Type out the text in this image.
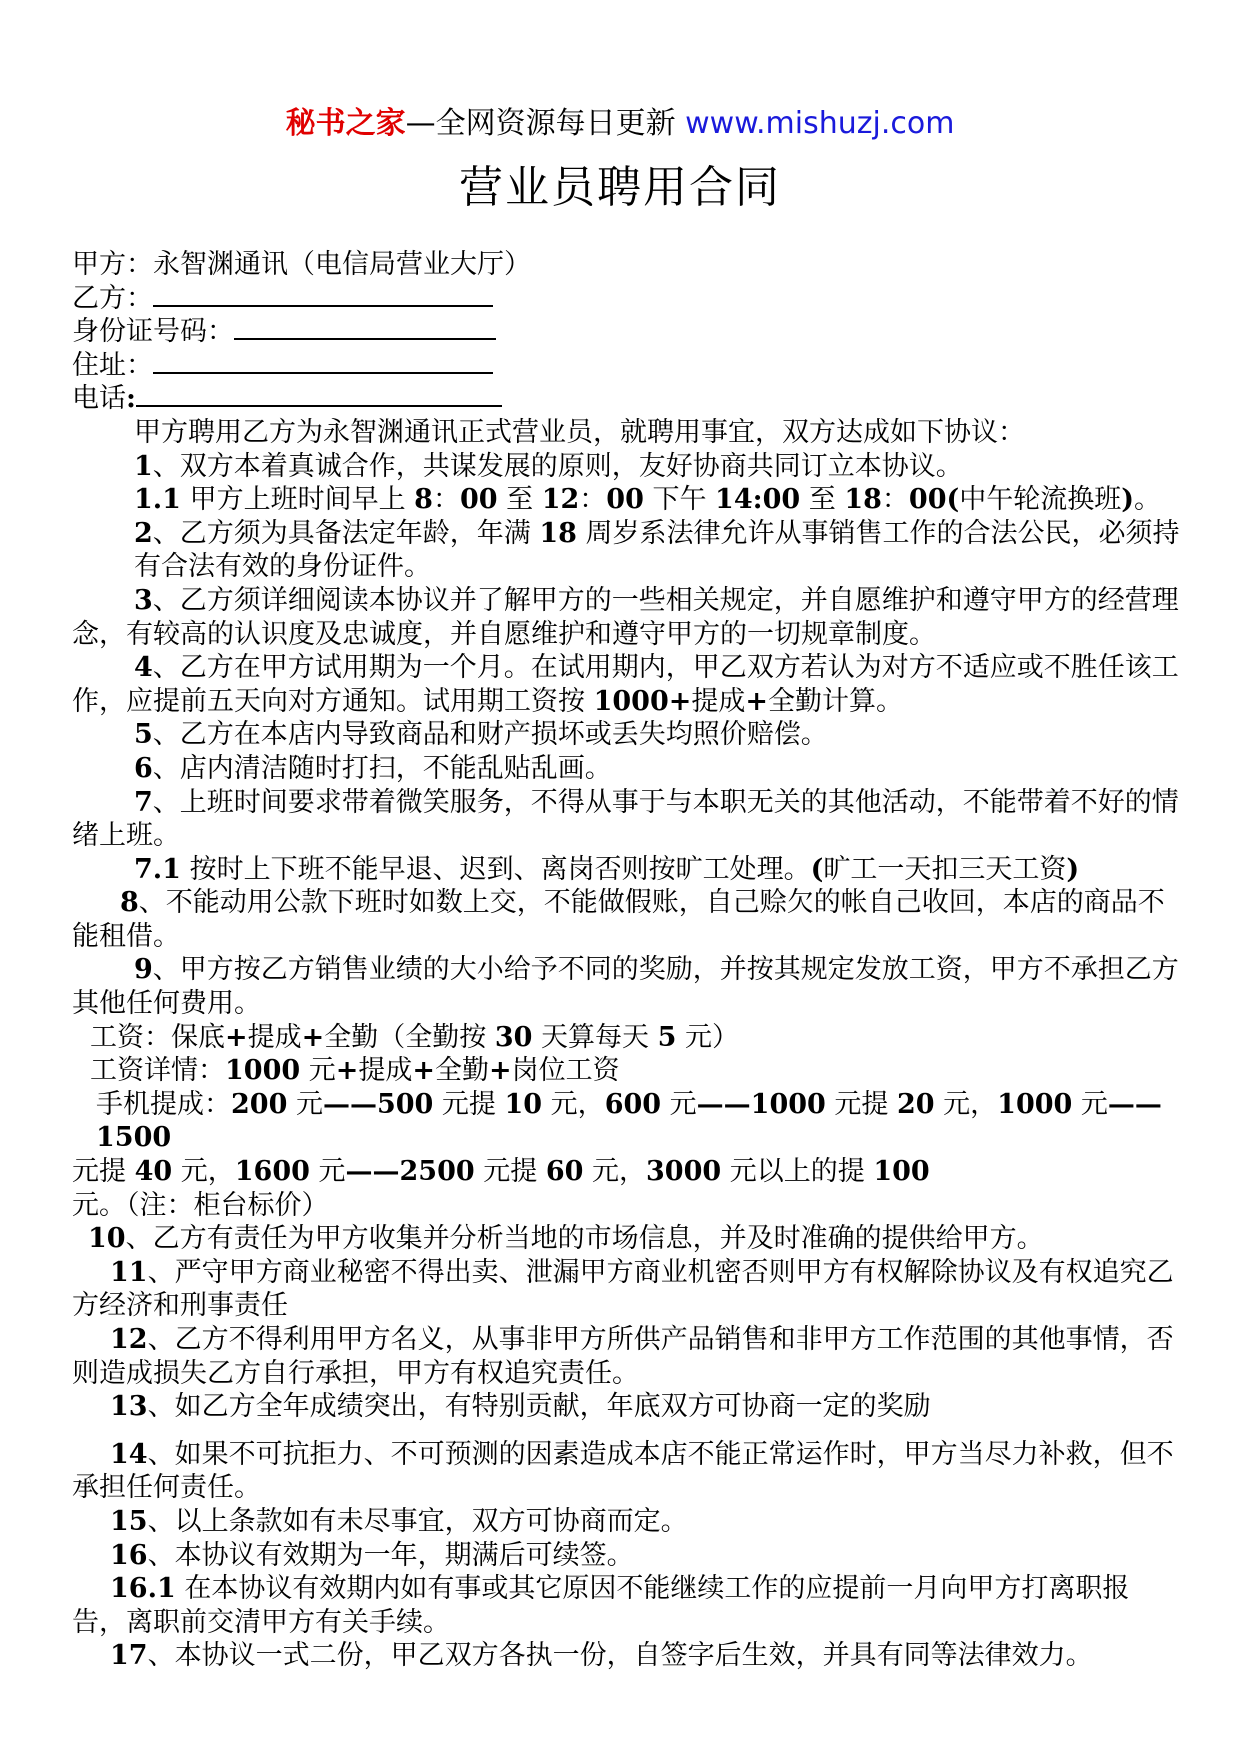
秘书之家—全网资源每日更新 www.mishuzj.com
营业员聘用合同
甲方：永智渊通讯（电信局营业大厅）
乙方：
身份证号码：
住址：
电话:

甲方聘用乙方为永智渊通讯正式营业员，就聘用事宜，双方达成如下协议：

1、双方本着真诚合作，共谋发展的原则，友好协商共同订立本协议。

1.1 甲方上班时间早上 8：00 至 12：00 下午 14:00 至 18：00(中午轮流换班)。

2、乙方须为具备法定年龄，年满 18 周岁系法律允许从事销售工作的合法公民，必须持有合法有效的身份证件。

3、乙方须详细阅读本协议并了解甲方的一些相关规定，并自愿维护和遵守甲方的经营理念，有较高的认识度及忠诚度，并自愿维护和遵守甲方的一切规章制度。

4、乙方在甲方试用期为一个月。在试用期内，甲乙双方若认为对方不适应或不胜任该工作，应提前五天向对方通知。试用期工资按 1000+提成+全勤计算。

5、乙方在本店内导致商品和财产损坏或丢失均照价赔偿。

6、店内清洁随时打扫，不能乱贴乱画。

7、上班时间要求带着微笑服务，不得从事于与本职无关的其他活动，不能带着不好的情绪上班。

7.1 按时上下班不能早退、迟到、离岗否则按旷工处理。(旷工一天扣三天工资)

8、不能动用公款下班时如数上交，不能做假账，自己赊欠的帐自己收回，本店的商品不能租借。

9、甲方按乙方销售业绩的大小给予不同的奖励，并按其规定发放工资，甲方不承担乙方其他任何费用。

工资：保底+提成+全勤（全勤按 30 天算每天 5 元）

工资详情：1000 元+提成+全勤+岗位工资

手机提成：200 元——500 元提 10 元，600 元——1000 元提 20 元，1000 元——1500

元提 40 元，1600 元——2500 元提 60 元，3000 元以上的提 100 元。（注：柜台标价）

10、乙方有责任为甲方收集并分析当地的市场信息，并及时准确的提供给甲方。

11、严守甲方商业秘密不得出卖、泄漏甲方商业机密否则甲方有权解除协议及有权追究乙方经济和刑事责任

12、乙方不得利用甲方名义，从事非甲方所供产品销售和非甲方工作范围的其他事情，否则造成损失乙方自行承担，甲方有权追究责任。

13、如乙方全年成绩突出，有特别贡献，年底双方可协商一定的奖励

14、如果不可抗拒力、不可预测的因素造成本店不能正常运作时，甲方当尽力补救，但不承担任何责任。

15、以上条款如有未尽事宜，双方可协商而定。

16、本协议有效期为一年，期满后可续签。

16.1 在本协议有效期内如有事或其它原因不能继续工作的应提前一月向甲方打离职报告，离职前交清甲方有关手续。

17、本协议一式二份，甲乙双方各执一份，自签字后生效，并具有同等法律效力。
